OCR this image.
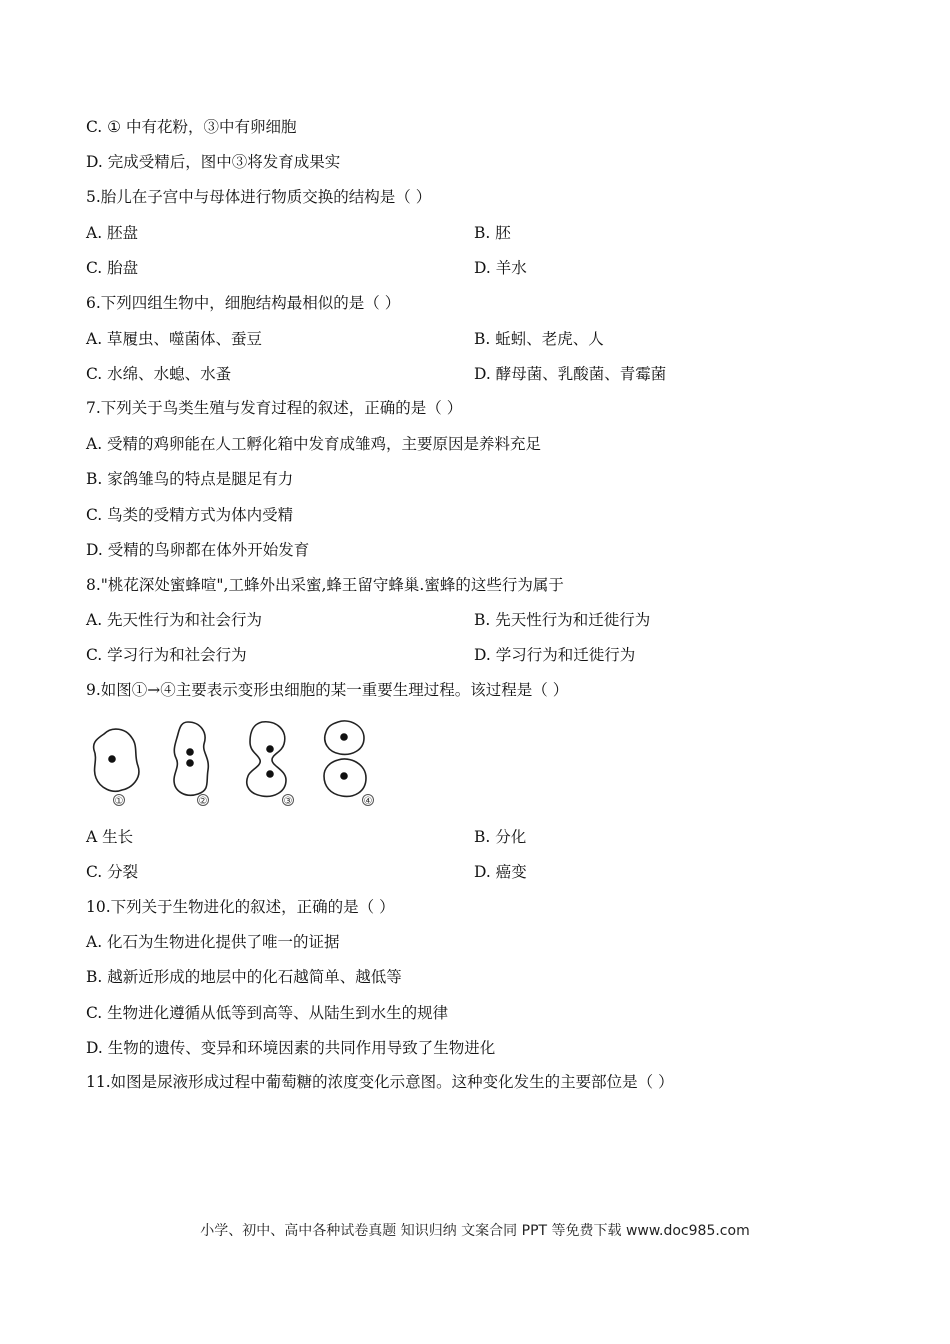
C. ① 中有花粉，③中有卵细胞
D. 完成受精后，图中③将发育成果实
5.胎儿在子宫中与母体进行物质交换的结构是（ ）
A. 胚盘	B. 胚
C. 胎盘	D. 羊水
6.下列四组生物中，细胞结构最相似的是（ ）
A. 草履虫、噬菌体、蚕豆	B. 蚯蚓、老虎、人
C. 水绵、水螅、水蚤	D. 酵母菌、乳酸菌、青霉菌
7.下列关于鸟类生殖与发育过程的叙述，正确的是（ ）
A. 受精的鸡卵能在人工孵化箱中发育成雏鸡，主要原因是养料充足
B. 家鸽雏鸟的特点是腿足有力
C. 鸟类的受精方式为体内受精
D. 受精的鸟卵都在体外开始发育
8."桃花深处蜜蜂喧",工蜂外出采蜜,蜂王留守蜂巢.蜜蜂的这些行为属于
A. 先天性行为和社会行为	B. 先天性行为和迁徙行为
C. 学习行为和社会行为	D. 学习行为和迁徙行为
9.如图①→④主要表示变形虫细胞的某一重要生理过程。该过程是（ ）
①	②	③	④
A 生长	B. 分化
C. 分裂	D. 癌变
10.下列关于生物进化的叙述，正确的是（ ）
A. 化石为生物进化提供了唯一的证据
B. 越新近形成的地层中的化石越简单、越低等
C. 生物进化遵循从低等到高等、从陆生到水生的规律
D. 生物的遗传、变异和环境因素的共同作用导致了生物进化
11.如图是尿液形成过程中葡萄糖的浓度变化示意图。这种变化发生的主要部位是（ ）
小学、初中、高中各种试卷真题 知识归纳 文案合同 PPT 等免费下载 www.doc985.com
